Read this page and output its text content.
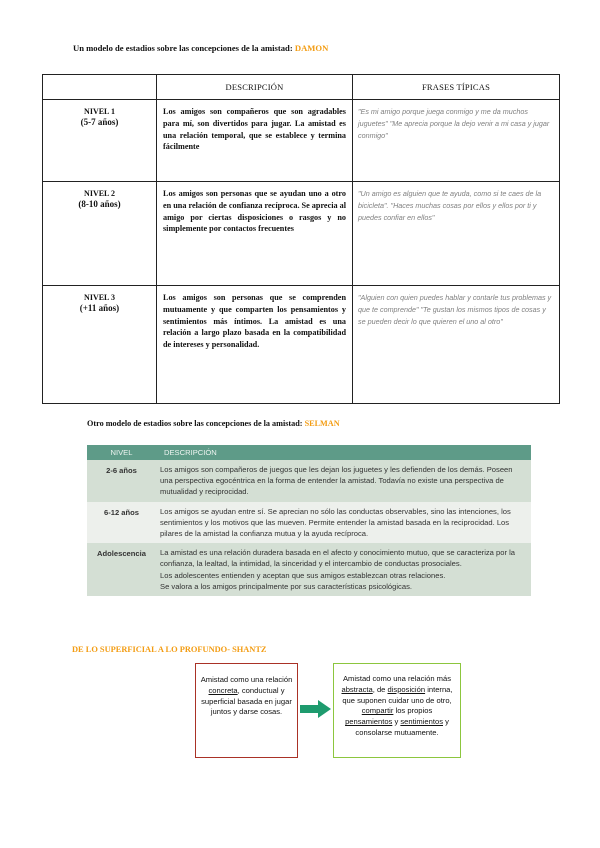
Un modelo de estadios sobre las concepciones de la amistad: DAMON
	DESCRIPCIÓN	FRASES TÍPICAS

NIVEL 1
(5-7 años)	Los amigos son compañeros que son agradables para mí, son divertidos para jugar. La amistad es una relación temporal, que se establece y termina fácilmente	"Es mi amigo porque juega conmigo y me da muchos juguetes" "Me aprecia porque la dejo venir a mi casa y jugar conmigo"

NIVEL 2
(8-10 años)	Los amigos son personas que se ayudan uno a otro en una relación de confianza recíproca. Se aprecia al amigo por ciertas disposiciones o rasgos y no simplemente por contactos frecuentes	"Un amigo es alguien que te ayuda, como si te caes de la bicicleta". "Haces muchas cosas por ellos y ellos por ti y puedes confiar en ellos"

NIVEL 3
(+11 años)	Los amigos son personas que se comprenden mutuamente y que comparten los pensamientos y sentimientos más íntimos. La amistad es una relación a largo plazo basada en la compatibilidad de intereses y personalidad.	"Alguien con quien puedes hablar y contarle tus problemas y que te comprende" "Te gustan los mismos tipos de cosas y se pueden decir lo que quieren el uno al otro"
Otro modelo de estadios sobre las concepciones de la amistad: SELMAN
NIVEL	DESCRIPCIÓN
2-6 años	Los amigos son compañeros de juegos que les dejan los juguetes y les defienden de los demás. Poseen una perspectiva egocéntrica en la forma de entender la amistad. Todavía no existe una perspectiva de mutualidad y reciprocidad.

6-12 años	Los amigos se ayudan entre sí. Se aprecian no sólo las conductas observables, sino las intenciones, los sentimientos y los motivos que las mueven. Permite entender la amistad basada en la reciprocidad. Los pilares de la amistad la confianza mutua y la ayuda recíproca.

Adolescencia	La amistad es una relación duradera basada en el afecto y conocimiento mutuo, que se caracteriza por la confianza, la lealtad, la intimidad, la sinceridad y el intercambio de conductas prosociales.
Los adolescentes entienden y aceptan que sus amigos establezcan otras relaciones.
Se valora a los amigos principalmente por sus características psicológicas.
DE LO SUPERFICIAL A LO PROFUNDO- SHANTZ
Amistad como una relación concreta, conductual y superficial basada en jugar juntos y darse cosas.
Amistad como una relación más abstracta, de disposición interna, que suponen cuidar uno de otro, compartir los propios pensamientos y sentimientos y consolarse mutuamente.
